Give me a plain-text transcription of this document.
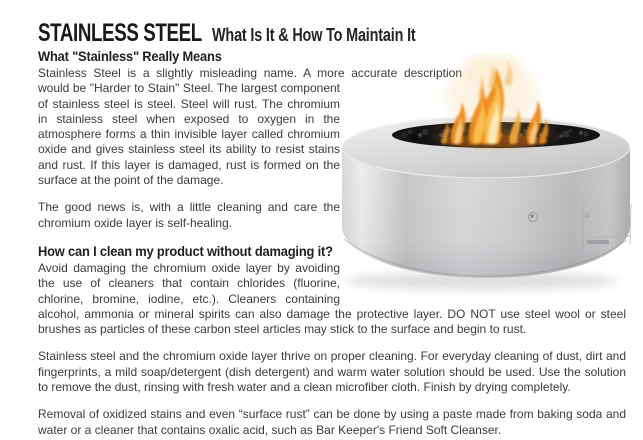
STAINLESS STEEL What Is It & How To Maintain It
What "Stainless" Really Means

Stainless Steel is a slightly misleading name. A more accurate description would be "Harder to Stain" Steel. The largest component of stainless steel is steel. Steel will rust. The chromium in stainless steel when exposed to oxygen in the atmosphere forms a thin invisible layer called chromium oxide and gives stainless steel its ability to resist stains and rust. If this layer is damaged, rust is formed on the surface at the point of the damage.

The good news is, with a little cleaning and care the chromium oxide layer is self-healing.

How can I clean my product without damaging it?

Avoid damaging the chromium oxide layer by avoiding the use of cleaners that contain chlorides (fluorine, chlorine, bromine, iodine, etc.). Cleaners containing alcohol, ammonia or mineral spirits can also damage the protective layer. DO NOT use steel wool or steel brushes as particles of these carbon steel articles may stick to the surface and begin to rust.

Stainless steel and the chromium oxide layer thrive on proper cleaning. For everyday cleaning of dust, dirt and fingerprints, a mild soap/detergent (dish detergent) and warm water solution should be used. Use the solution to remove the dust, rinsing with fresh water and a clean microfiber cloth. Finish by drying completely.

Removal of oxidized stains and even “surface rust” can be done by using a paste made from baking soda and water or a cleaner that contains oxalic acid, such as Bar Keeper's Friend Soft Cleanser.
